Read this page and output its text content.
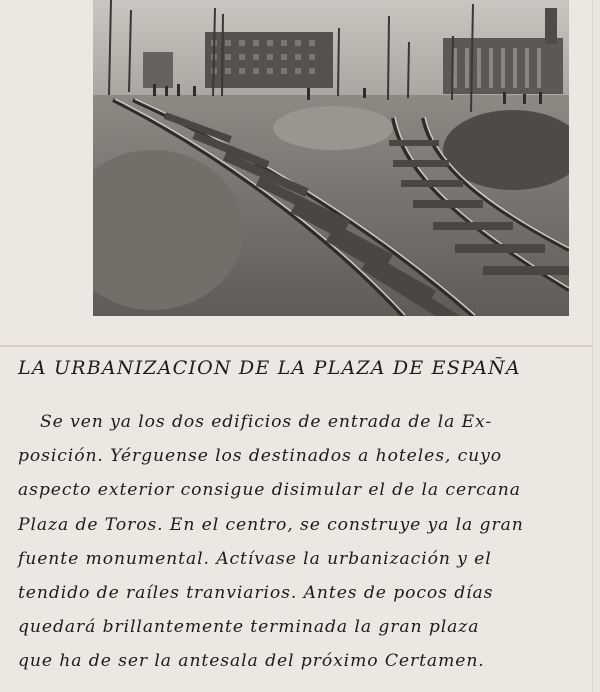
LA URBANIZACION DE LA PLAZA DE ESPAÑA
Se ven ya los dos edificios de entrada de la Ex-
posición. Yérguense los destinados a hoteles, cuyo
aspecto exterior consigue disimular el de la cercana
Plaza de Toros. En el centro, se construye ya la gran
fuente monumental. Actívase la urbanización y el
tendido de raíles tranviarios. Antes de pocos días
quedará brillantemente terminada la gran plaza
que ha de ser la antesala del próximo Certamen.
